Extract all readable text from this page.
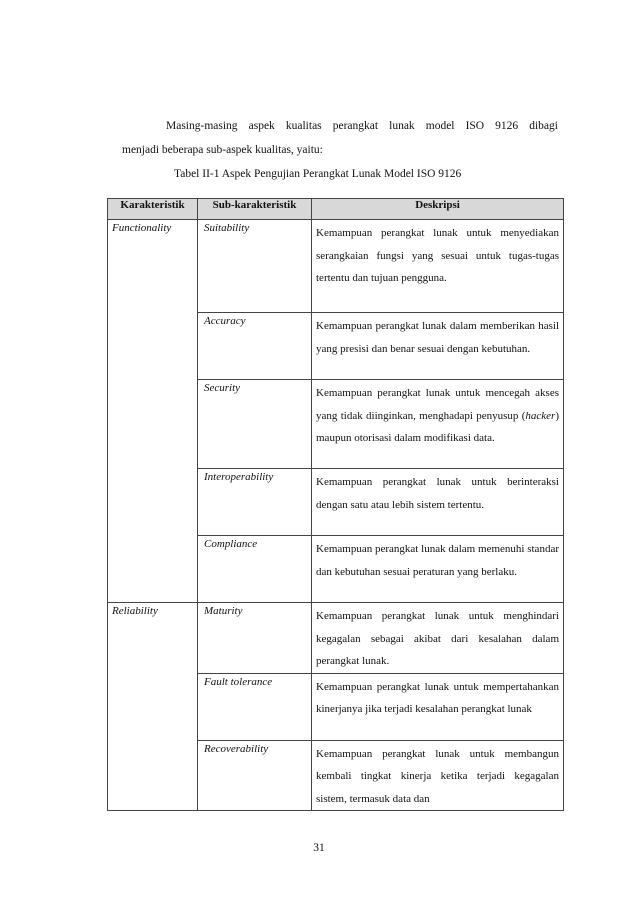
Masing-masing aspek kualitas perangkat lunak model ISO 9126 dibagi
menjadi beberapa sub-aspek kualitas, yaitu:
Tabel II-1 Aspek Pengujian Perangkat Lunak Model ISO 9126
Karakteristik	Sub-karakteristik	Deskripsi
Functionality	Suitability	Kemampuan perangkat lunak untuk menyediakan serangkaian fungsi yang sesuai untuk tugas-tugas tertentu dan tujuan pengguna.
	Accuracy	Kemampuan perangkat lunak dalam memberikan hasil yang presisi dan benar sesuai dengan kebutuhan.
	Security	Kemampuan perangkat lunak untuk mencegah akses yang tidak diinginkan, menghadapi penyusup (hacker) maupun otorisasi dalam modifikasi data.
	Interoperability	Kemampuan perangkat lunak untuk berinteraksi dengan satu atau lebih sistem tertentu.
	Compliance	Kemampuan perangkat lunak dalam memenuhi standar dan kebutuhan sesuai peraturan yang berlaku.
Reliability	Maturity	Kemampuan perangkat lunak untuk menghindari kegagalan sebagai akibat dari kesalahan dalam perangkat lunak.
	Fault tolerance	Kemampuan perangkat lunak untuk mempertahankan kinerjanya jika terjadi kesalahan perangkat lunak
	Recoverability	Kemampuan perangkat lunak untuk membangun kembali tingkat kinerja ketika terjadi kegagalan sistem, termasuk data dan
31
